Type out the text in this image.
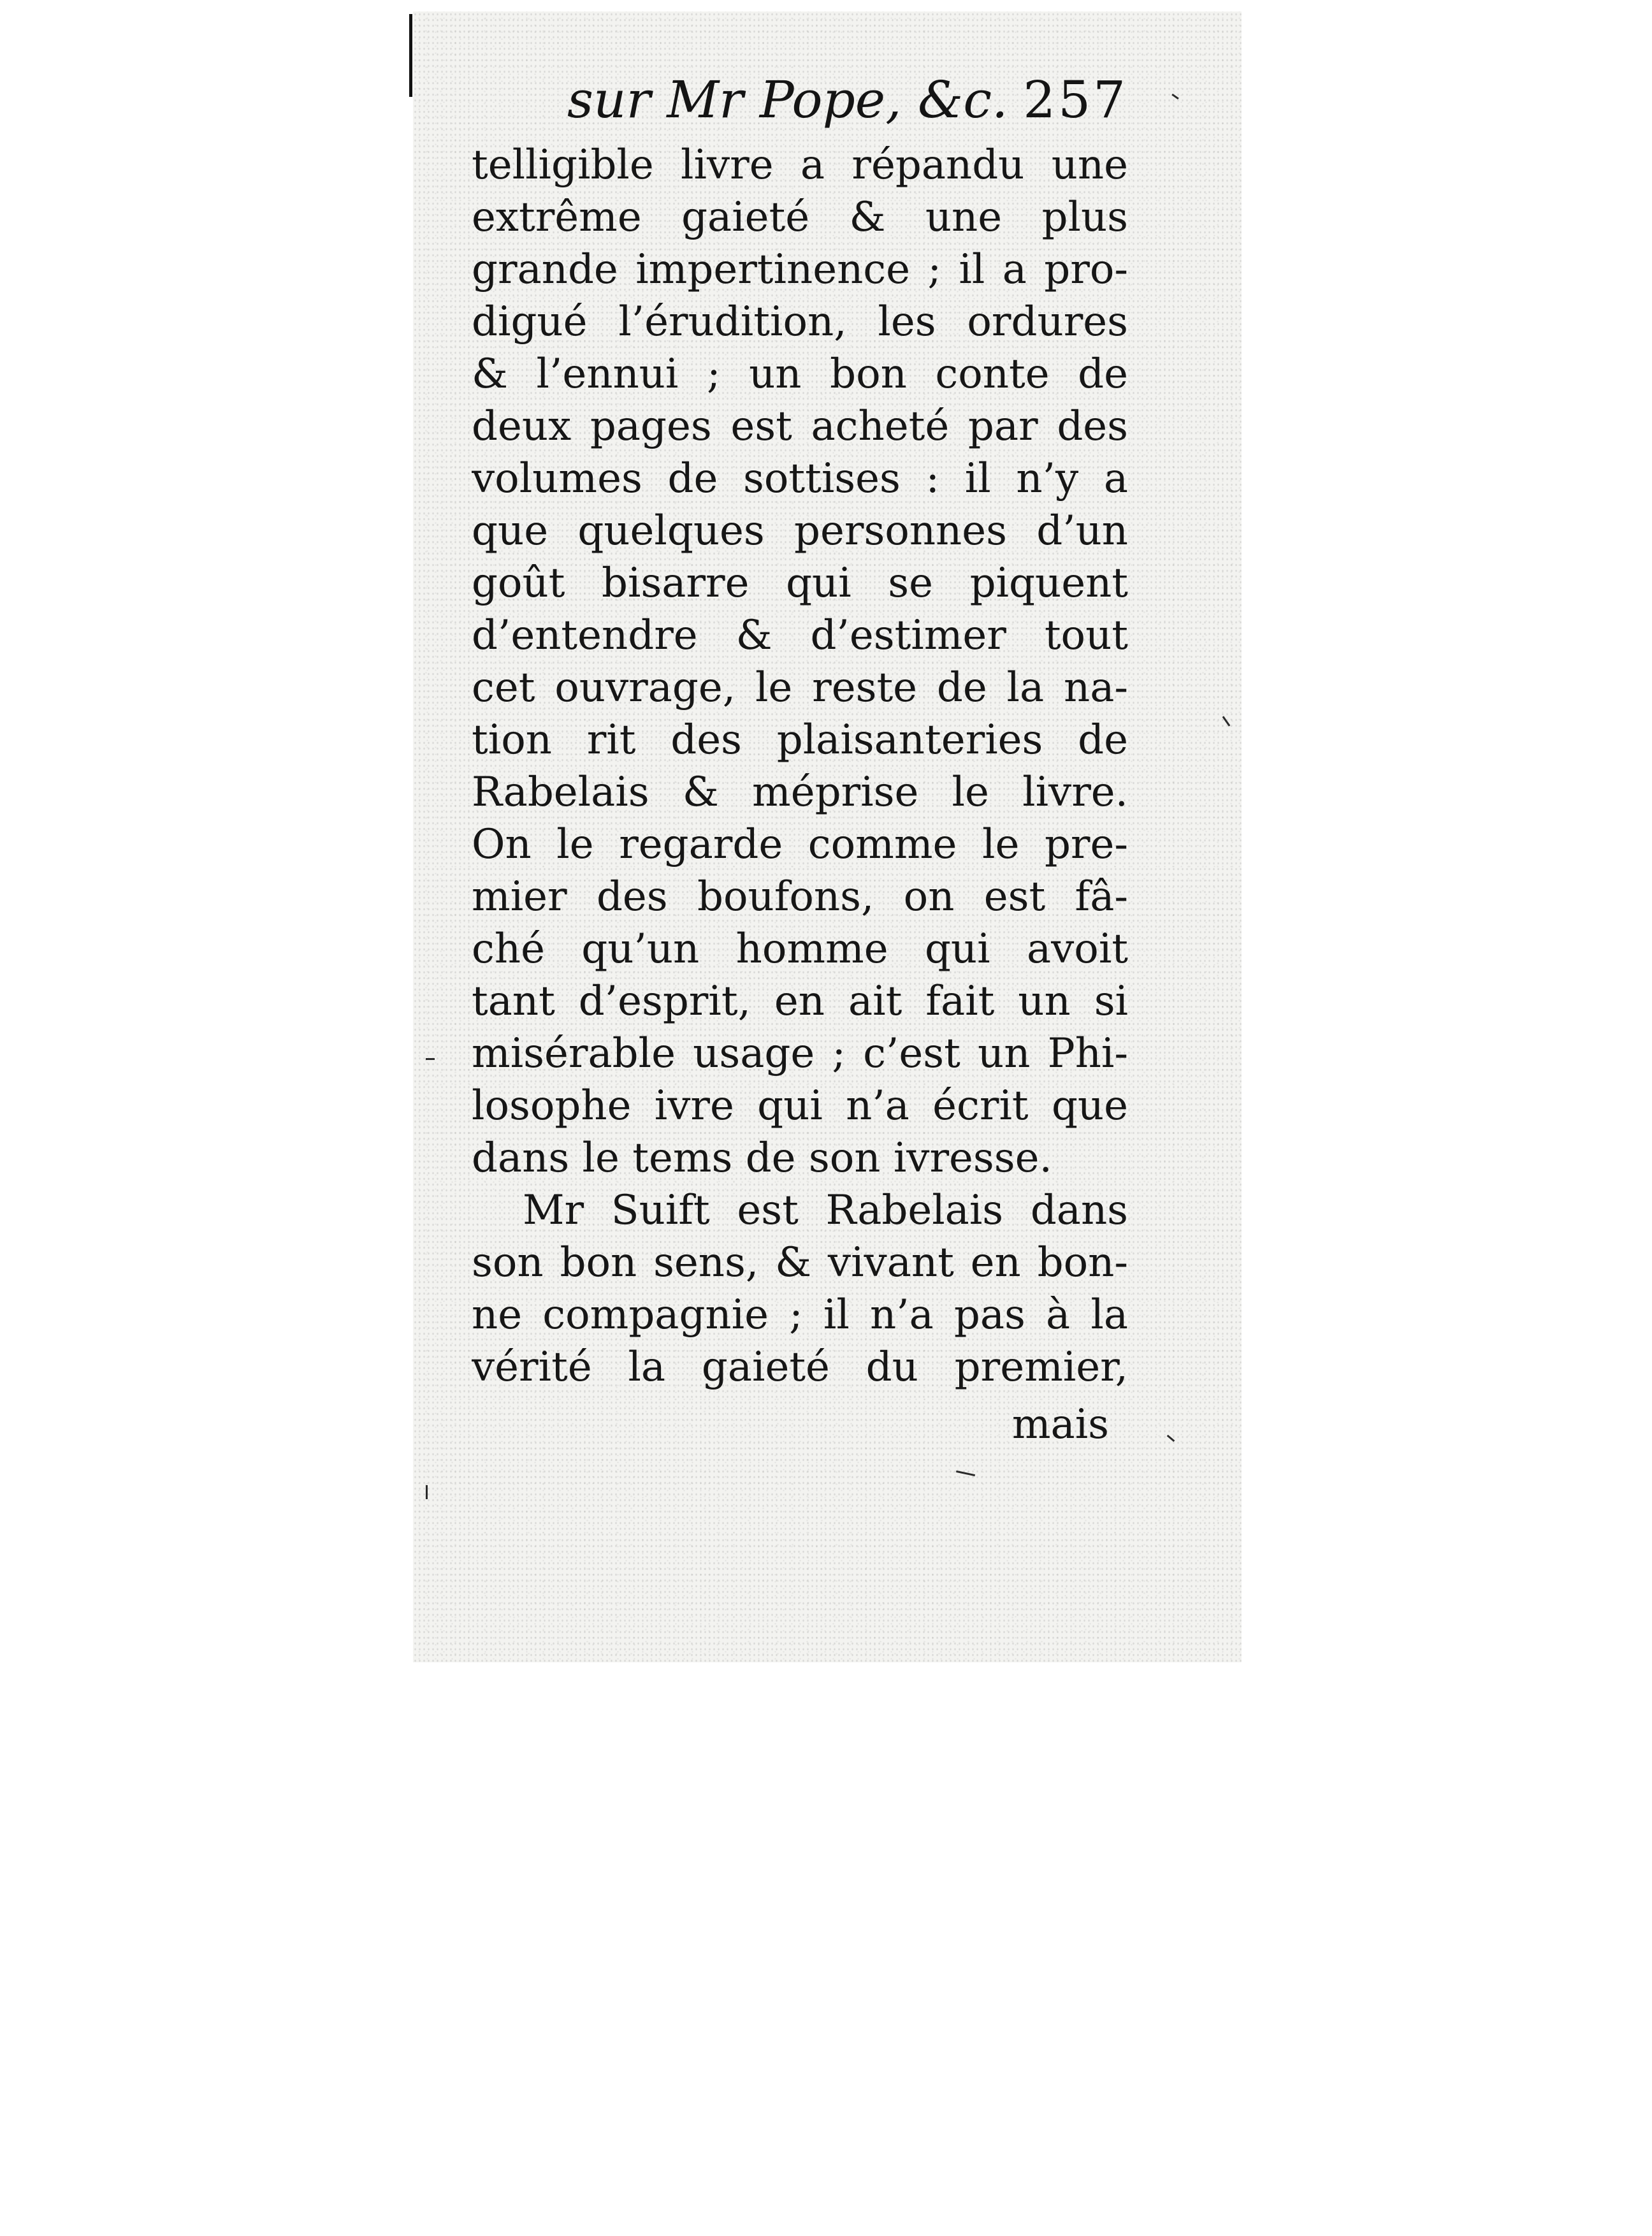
sur Mr Pope, &c. 257
telligible livre a répandu une
extrême gaieté & une plus
grande impertinence ; il a pro-
digué l’érudition, les ordures
& l’ennui ; un bon conte de
deux pages est acheté par des
volumes de sottises : il n’y a
que quelques personnes d’un
goût bisarre qui se piquent
d’entendre & d’estimer tout
cet ouvrage, le reste de la na-
tion rit des plaisanteries de
Rabelais & méprise le livre.
On le regarde comme le pre-
mier des boufons, on est fâ-
ché qu’un homme qui avoit
tant d’esprit, en ait fait un si
misérable usage ; c’est un Phi-
losophe ivre qui n’a écrit que
dans le tems de son ivresse.
Mr Suift est Rabelais dans
son bon sens, & vivant en bon-
ne compagnie ; il n’a pas à la
vérité la gaieté du premier,
mais
